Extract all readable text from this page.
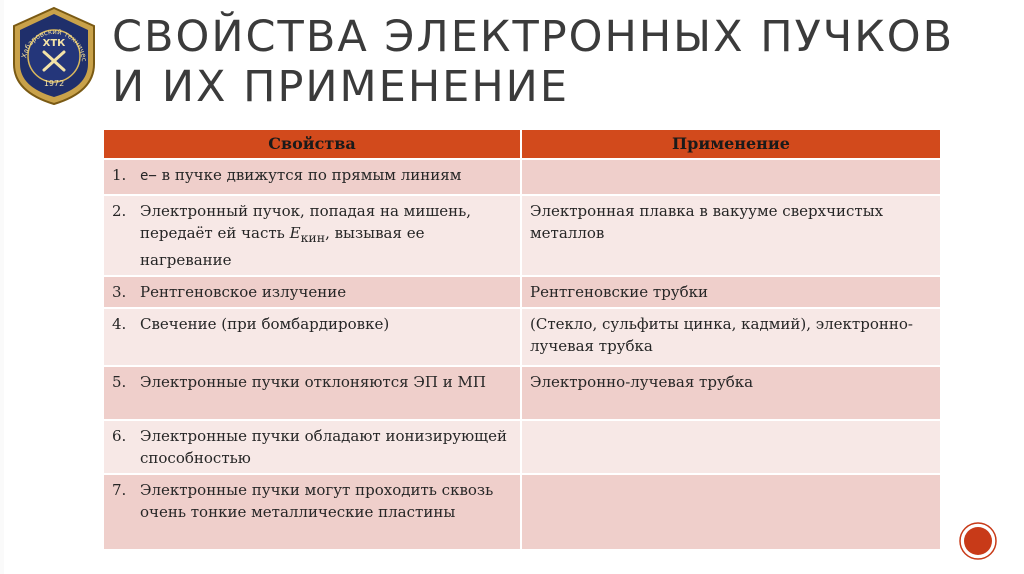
Хабаровский техничес
ХТК
1972
СВОЙСТВА ЭЛЕКТРОННЫХ ПУЧКОВ И ИХ ПРИМЕНЕНИЕ
Свойства	Применение

1. e− в пучке движутся по прямым линиям	

2. Электронный пучок, попадая на мишень, передаёт ей часть $E_{кин}$, вызывая ее нагревание	Электронная плавка в вакууме сверхчистых металлов

3. Рентгеновское излучение	Рентгеновские трубки

4. Свечение (при бомбардировке)	(Стекло, сульфиты цинка, кадмий), электронно-лучевая трубка

5. Электронные пучки отклоняются ЭП и МП	Электронно-лучевая трубка

6. Электронные пучки обладают ионизирующей способностью	

7. Электронные пучки могут проходить сквозь очень тонкие металлические пластины	
